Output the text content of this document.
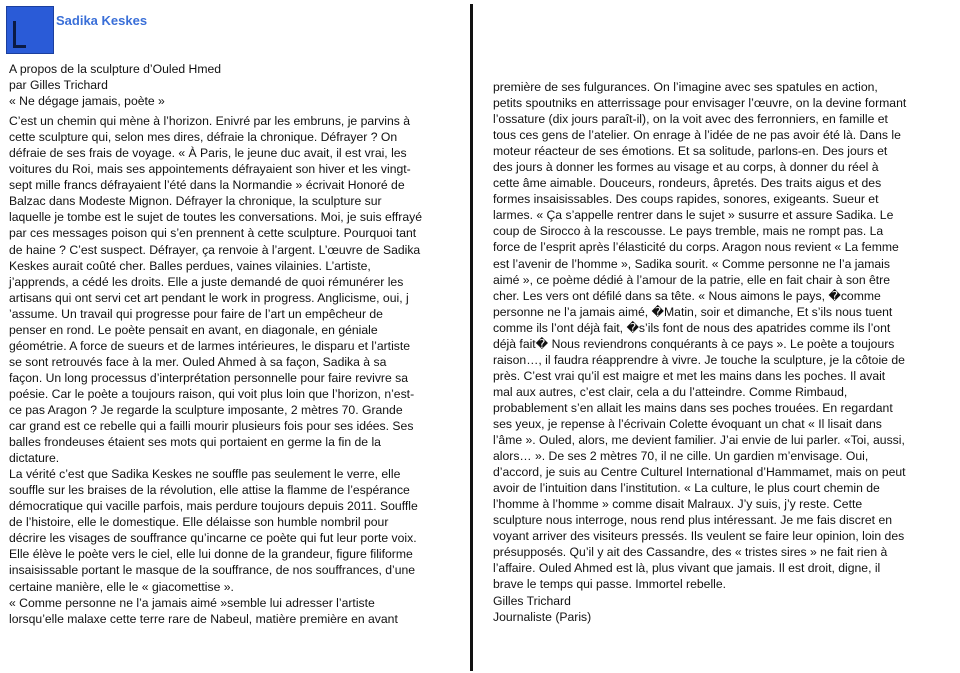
Sadika Keskes

A propos de la sculpture d’Ouled Hmed

par Gilles Trichard

« Ne dégage jamais, poète »

C’est un chemin qui mène à l’horizon. Enivré par les embruns, je parvins à
cette sculpture qui, selon mes dires, défraie la chronique. Défrayer ? On
défraie de ses frais de voyage. « À Paris, le jeune duc avait, il est vrai, les
voitures du Roi, mais ses appointements défrayaient son hiver et les vingt-
sept mille francs défrayaient l’été dans la Normandie » écrivait Honoré de
Balzac dans Modeste Mignon. Défrayer la chronique, la sculpture sur
laquelle je tombe est le sujet de toutes les conversations. Moi, je suis effrayé
par ces messages poison qui s’en prennent à cette sculpture. Pourquoi tant
de haine ? C’est suspect. Défrayer, ça renvoie à l’argent. L’œuvre de Sadika
Keskes aurait coûté cher. Balles perdues, vaines vilainies. L’artiste,
j’apprends, a cédé les droits. Elle a juste demandé de quoi rémunérer les
artisans qui ont servi cet art pendant le work in progress. Anglicisme, oui, j
’assume. Un travail qui progresse pour faire de l’art un empêcheur de
penser en rond. Le poète pensait en avant, en diagonale, en géniale
géométrie. A force de sueurs et de larmes intérieures, le disparu et l’artiste
se sont retrouvés face à la mer. Ouled Ahmed à sa façon, Sadika à sa
façon. Un long processus d’interprétation personnelle pour faire revivre sa
poésie. Car le poète a toujours raison, qui voit plus loin que l’horizon, n’est-
ce pas Aragon ? Je regarde la sculpture imposante, 2 mètres 70. Grande
car grand est ce rebelle qui a failli mourir plusieurs fois pour ses idées. Ses
balles frondeuses étaient ses mots qui portaient en germe la fin de la
dictature.
La vérité c’est que Sadika Keskes ne souffle pas seulement le verre, elle
souffle sur les braises de la révolution, elle attise la flamme de l’espérance
démocratique qui vacille parfois, mais perdure toujours depuis 2011. Souffle
de l’histoire, elle le domestique. Elle délaisse son humble nombril pour
décrire les visages de souffrance qu’incarne ce poète qui fut leur porte voix.
Elle élève le poète vers le ciel, elle lui donne de la grandeur, figure filiforme
insaisissable portant le masque de la souffrance, de nos souffrances, d’une
certaine manière, elle le « giacomettise ».
« Comme personne ne l’a jamais aimé »semble lui adresser l’artiste
lorsqu’elle malaxe cette terre rare de Nabeul, matière première en avant

première de ses fulgurances. On l’imagine avec ses spatules en action,
petits spoutniks en atterrissage pour envisager l’œuvre, on la devine formant
l’ossature (dix jours paraît-il), on la voit avec des ferronniers, en famille et
tous ces gens de l’atelier. On enrage à l’idée de ne pas avoir été là. Dans le
moteur réacteur de ses émotions. Et sa solitude, parlons-en. Des jours et
des jours à donner les formes au visage et au corps, à donner du réel à
cette âme aimable. Douceurs, rondeurs, âpretés. Des traits aigus et des
formes insaisissables. Des coups rapides, sonores, exigeants. Sueur et
larmes. « Ça s’appelle rentrer dans le sujet » susurre et assure Sadika. Le
coup de Sirocco à la rescousse. Le pays tremble, mais ne rompt pas. La
force de l’esprit après l’élasticité du corps. Aragon nous revient « La femme
est l’avenir de l’homme », Sadika sourit. « Comme personne ne l’a jamais
aimé », ce poème dédié à l’amour de la patrie, elle en fait chair à son être
cher. Les vers ont défilé dans sa tête. « Nous aimons le pays, �comme
personne ne l’a jamais aimé, �Matin, soir et dimanche, Et s’ils nous tuent
comme ils l’ont déjà fait, �s’ils font de nous des apatrides comme ils l’ont
déjà fait� Nous reviendrons conquérants à ce pays ». Le poète a toujours
raison…, il faudra réapprendre à vivre. Je touche la sculpture, je la côtoie de
près. C’est vrai qu’il est maigre et met les mains dans les poches. Il avait
mal aux autres, c’est clair, cela a du l’atteindre. Comme Rimbaud,
probablement s’en allait les mains dans ses poches trouées. En regardant
ses yeux, je repense à l’écrivain Colette évoquant un chat « Il lisait dans
l’âme ». Ouled, alors, me devient familier. J’ai envie de lui parler. «Toi, aussi,
alors… ». De ses 2 mètres 70, il ne cille. Un gardien m’envisage. Oui,
d’accord, je suis au Centre Culturel International d’Hammamet, mais on peut
avoir de l’intuition dans l’institution. « La culture, le plus court chemin de
l’homme à l’homme » comme disait Malraux. J’y suis, j’y reste. Cette
sculpture nous interroge, nous rend plus intéressant. Je me fais discret en
voyant arriver des visiteurs pressés. Ils veulent se faire leur opinion, loin des
présupposés. Qu’il y ait des Cassandre, des « tristes sires » ne fait rien à
l’affaire. Ouled Ahmed est là, plus vivant que jamais. Il est droit, digne, il
brave le temps qui passe. Immortel rebelle.

Gilles Trichard

Journaliste (Paris)
